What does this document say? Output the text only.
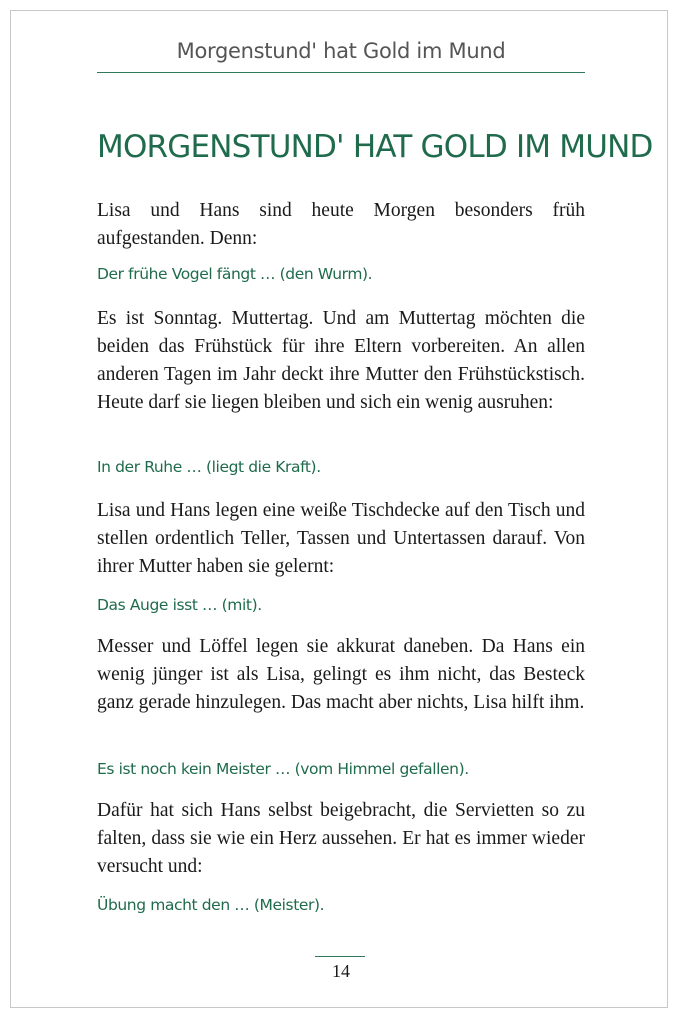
Morgenstund' hat Gold im Mund
MORGENSTUND' HAT GOLD IM MUND
Lisa und Hans sind heute Morgen besonders früh aufgestanden. Denn:
Der frühe Vogel fängt … (den Wurm).
Es ist Sonntag. Muttertag. Und am Muttertag möchten die beiden das Frühstück für ihre Eltern vorbereiten. An allen anderen Tagen im Jahr deckt ihre Mutter den Frühstückstisch. Heute darf sie liegen bleiben und sich ein wenig ausruhen:
In der Ruhe … (liegt die Kraft).
Lisa und Hans legen eine weiße Tischdecke auf den Tisch und stellen ordentlich Teller, Tassen und Untertassen darauf. Von ihrer Mutter haben sie gelernt:
Das Auge isst … (mit).
Messer und Löffel legen sie akkurat daneben. Da Hans ein wenig jünger ist als Lisa, gelingt es ihm nicht, das Besteck ganz gerade hinzulegen. Das macht aber nichts, Lisa hilft ihm.
Es ist noch kein Meister … (vom Himmel gefallen).
Dafür hat sich Hans selbst beigebracht, die Servietten so zu falten, dass sie wie ein Herz aussehen. Er hat es immer wieder versucht und:
Übung macht den … (Meister).
14
